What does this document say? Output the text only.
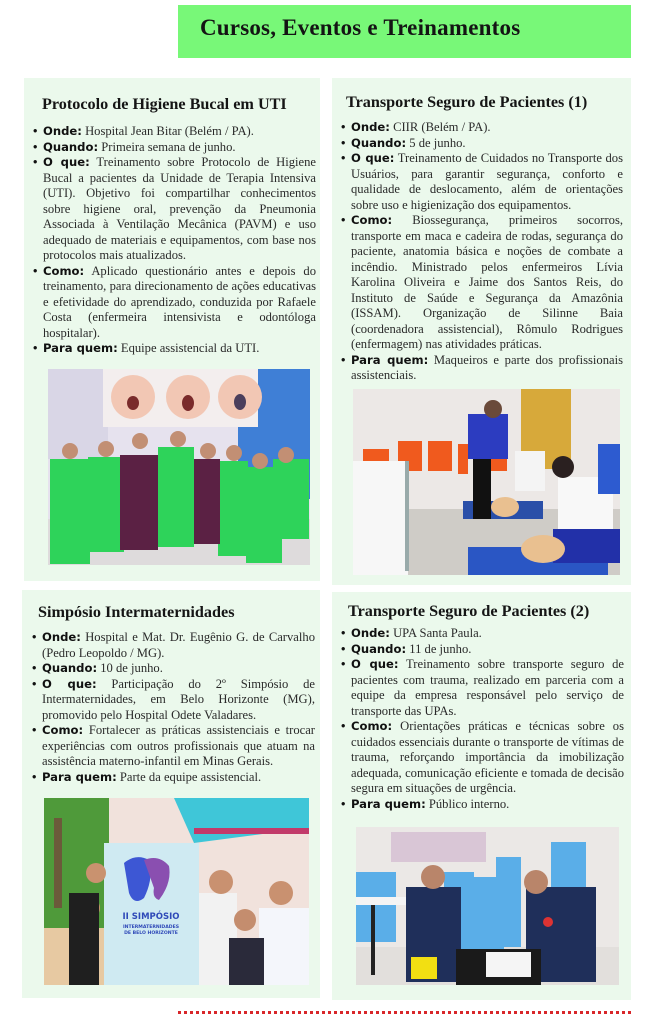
Cursos, Eventos e Treinamentos
Protocolo de Higiene Bucal em UTI
• Onde: Hospital Jean Bitar (Belém / PA).
• Quando: Primeira semana de junho.
• O que: Treinamento sobre Protocolo de Higiene Bucal a pacientes da Unidade de Terapia Intensiva (UTI). Objetivo foi compartilhar conhecimentos sobre higiene oral, prevenção da Pneumonia Associada à Ventilação Mecânica (PAVM) e uso adequado de materiais e equipamentos, com base nos protocolos mais atualizados.
• Como: Aplicado questionário antes e depois do treinamento, para direcionamento de ações educativas e efetividade do aprendizado, conduzida por Rafaele Costa (enfermeira intensivista e odontóloga hospitalar).
• Para quem: Equipe assistencial da UTI.
Transporte Seguro de Pacientes (1)
• Onde: CIIR (Belém / PA).
• Quando: 5 de junho.
• O que: Treinamento de Cuidados no Transporte dos Usuários, para garantir segurança, conforto e qualidade de deslocamento, além de orientações sobre uso e higienização dos equipamentos.
• Como: Biossegurança, primeiros socorros, transporte em maca e cadeira de rodas, segurança do paciente, anatomia básica e noções de combate a incêndio. Ministrado pelos enfermeiros Lívia Karolina Oliveira e Jaime dos Santos Reis, do Instituto de Saúde e Segurança da Amazônia (ISSAM). Organização de Silinne Baia (coordenadora assistencial), Rômulo Rodrigues (enfermagem) nas atividades práticas.
• Para quem: Maqueiros e parte dos profissionais assistenciais.
Simpósio Intermaternidades
• Onde: Hospital e Mat. Dr. Eugênio G. de Carvalho (Pedro Leopoldo / MG).
• Quando: 10 de junho.
• O que: Participação do 2º Simpósio de Intermaternidades, em Belo Horizonte (MG), promovido pelo Hospital Odete Valadares.
• Como: Fortalecer as práticas assistenciais e trocar experiências com outros profissionais que atuam na assistência materno-infantil em Minas Gerais.
• Para quem: Parte da equipe assistencial.
II SIMPÓSIO
INTERMATERNIDADES
DE BELO HORIZONTE
Transporte Seguro de Pacientes (2)
• Onde: UPA Santa Paula.
• Quando: 11 de junho.
• O que: Treinamento sobre transporte seguro de pacientes com trauma, realizado em parceria com a equipe da empresa responsável pelo serviço de transporte das UPAs.
• Como: Orientações práticas e técnicas sobre os cuidados essenciais durante o transporte de vítimas de trauma, reforçando importância da imobilização adequada, comunicação eficiente e tomada de decisão segura em situações de urgência.
• Para quem: Público interno.
